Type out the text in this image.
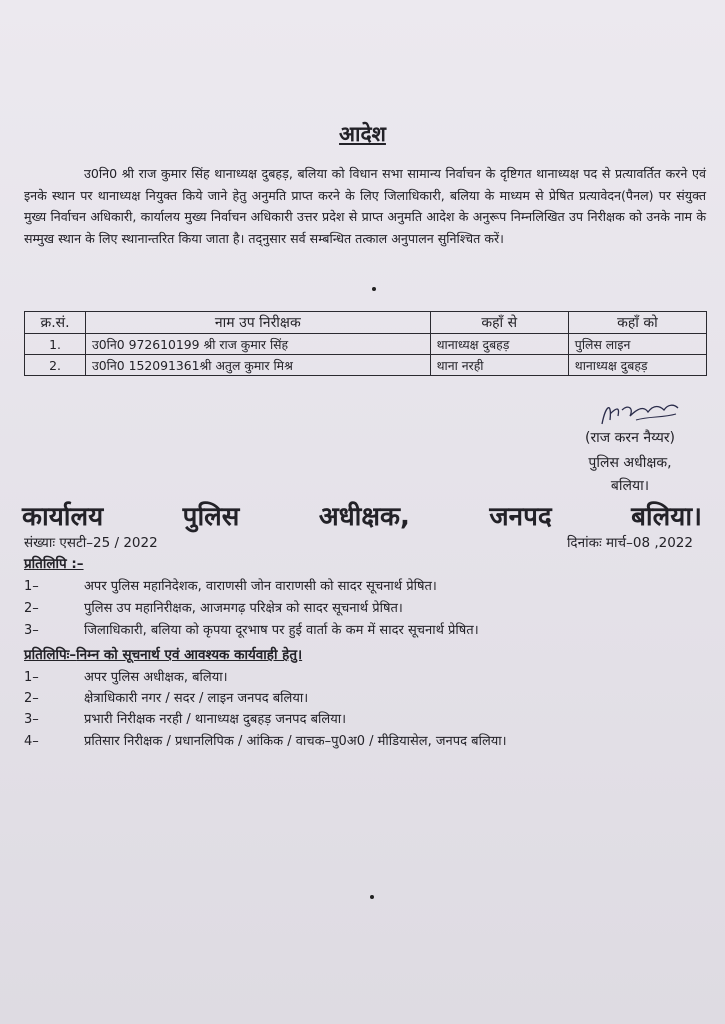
आदेश
उ0नि0 श्री राज कुमार सिंह थानाध्यक्ष दुबहड़, बलिया को विधान सभा सामान्य निर्वाचन के दृष्टिगत थानाध्यक्ष पद से प्रत्यावर्तित करने एवं इनके स्थान पर थानाध्यक्ष नियुक्त किये जाने हेतु अनुमति प्राप्त करने के लिए जिलाधिकारी, बलिया के माध्यम से प्रेषित प्रत्यावेदन(पैनल) पर संयुक्त मुख्य निर्वाचन अधिकारी, कार्यालय मुख्य निर्वाचन अधिकारी उत्तर प्रदेश से प्राप्त अनुमति आदेश के अनुरूप निम्नलिखित उप निरीक्षक को उनके नाम के सम्मुख स्थान के लिए स्थानान्तरित किया जाता है। तद्नुसार सर्व सम्बन्धित तत्काल अनुपालन सुनिश्चित करें।
क्र.सं.	नाम उप निरीक्षक	कहाँ से	कहाँ को
1.	उ0नि0 972610199 श्री राज कुमार सिंह	थानाध्यक्ष दुबहड़	पुलिस लाइन
2.	उ0नि0 152091361श्री अतुल कुमार मिश्र	थाना नरही	थानाध्यक्ष दुबहड़
(राज करन नैय्यर)
पुलिस अधीक्षक,
बलिया।
कार्यालय	पुलिस	अधीक्षक,	जनपद	बलिया।
संख्याः एसटी–25 / 2022	दिनांकः मार्च–08 ,2022
प्रतिलिपि :–
1–	अपर पुलिस महानिदेशक, वाराणसी जोन वाराणसी को सादर सूचनार्थ प्रेषित।
2–	पुलिस उप महानिरीक्षक, आजमगढ़ परिक्षेत्र को सादर सूचनार्थ प्रेषित।
3–	जिलाधिकारी, बलिया को कृपया दूरभाष पर हुई वार्ता के कम में सादर सूचनार्थ प्रेषित।
प्रतिलिपिः–निम्न को सूचनार्थ एवं आवश्यक कार्यवाही हेतु।
1–	अपर पुलिस अधीक्षक, बलिया।
2–	क्षेत्राधिकारी नगर / सदर / लाइन जनपद बलिया।
3–	प्रभारी निरीक्षक नरही / थानाध्यक्ष दुबहड़ जनपद बलिया।
4–	प्रतिसार निरीक्षक / प्रधानलिपिक / आंकिक / वाचक–पु0अ0 / मीडियासेल, जनपद बलिया।
